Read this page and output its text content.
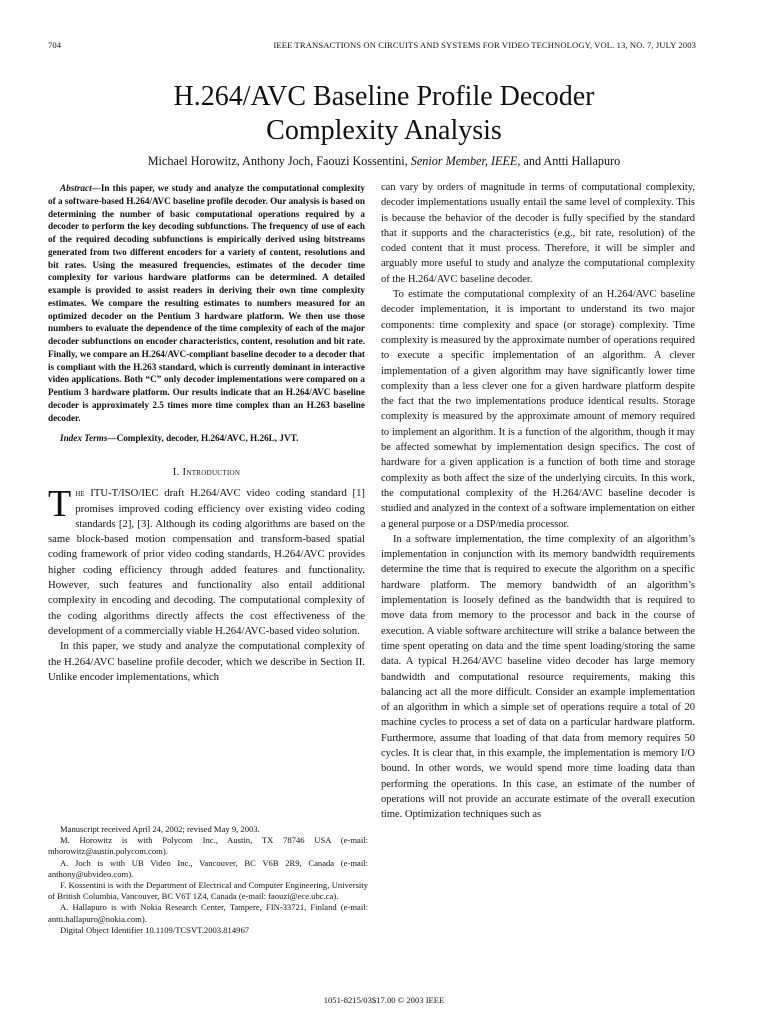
704	IEEE TRANSACTIONS ON CIRCUITS AND SYSTEMS FOR VIDEO TECHNOLOGY, VOL. 13, NO. 7, JULY 2003
H.264/AVC Baseline Profile Decoder
Complexity Analysis
Michael Horowitz, Anthony Joch, Faouzi Kossentini, Senior Member, IEEE, and Antti Hallapuro

Abstract—In this paper, we study and analyze the computational complexity of a software-based H.264/AVC baseline profile decoder. Our analysis is based on determining the number of basic computational operations required by a decoder to perform the key decoding subfunctions. The frequency of use of each of the required decoding subfunctions is empirically derived using bitstreams generated from two different encoders for a variety of content, resolutions and bit rates. Using the measured frequencies, estimates of the decoder time complexity for various hardware platforms can be determined. A detailed example is provided to assist readers in deriving their own time complexity estimates. We compare the resulting estimates to numbers measured for an optimized decoder on the Pentium 3 hardware platform. We then use those numbers to evaluate the dependence of the time complexity of each of the major decoder subfunctions on encoder characteristics, content, resolution and bit rate. Finally, we compare an H.264/AVC-compliant baseline decoder to a decoder that is compliant with the H.263 standard, which is currently dominant in interactive video applications. Both “C” only decoder implementations were compared on a Pentium 3 hardware platform. Our results indicate that an H.264/AVC baseline decoder is approximately 2.5 times more time complex than an H.263 baseline decoder.

Index Terms—Complexity, decoder, H.264/AVC, H.26L, JVT.

I. Introduction

The ITU-T/ISO/IEC draft H.264/AVC video coding standard [1] promises improved coding efficiency over existing video coding standards [2], [3]. Although its coding algorithms are based on the same block-based motion compensation and transform-based spatial coding framework of prior video coding standards, H.264/AVC provides higher coding efficiency through added features and functionality. However, such features and functionality also entail additional complexity in encoding and decoding. The computational complexity of the coding algorithms directly affects the cost effectiveness of the development of a commercially viable H.264/AVC-based video solution.

In this paper, we study and analyze the computational complexity of the H.264/AVC baseline profile decoder, which we describe in Section II. Unlike encoder implementations, which

Manuscript received April 24, 2002; revised May 9, 2003.

M. Horowitz is with Polycom Inc., Austin, TX 78746 USA (e-mail: mhorowitz@austin.polycom.com).

A. Joch is with UB Video Inc., Vancouver, BC V6B 2R9, Canada (e-mail: anthony@ubvideo.com).

F. Kossentini is with the Department of Electrical and Computer Engineering, University of British Columbia, Vancouver, BC V6T 1Z4, Canada (e-mail: faouzi@ece.ubc.ca).

A. Hallapuro is with Nokia Research Center, Tampere, FIN-33721, Finland (e-mail: antti.hallapuro@nokia.com).

Digital Object Identifier 10.1109/TCSVT.2003.814967

can vary by orders of magnitude in terms of computational complexity, decoder implementations usually entail the same level of complexity. This is because the behavior of the decoder is fully specified by the standard that it supports and the characteristics (e.g., bit rate, resolution) of the coded content that it must process. Therefore, it will be simpler and arguably more useful to study and analyze the computational complexity of the H.264/AVC baseline decoder.

To estimate the computational complexity of an H.264/AVC baseline decoder implementation, it is important to understand its two major components: time complexity and space (or storage) complexity. Time complexity is measured by the approximate number of operations required to execute a specific implementation of an algorithm. A clever implementation of a given algorithm may have significantly lower time complexity than a less clever one for a given hardware platform despite the fact that the two implementations produce identical results. Storage complexity is measured by the approximate amount of memory required to implement an algorithm. It is a function of the algorithm, though it may be affected somewhat by implementation design specifics. The cost of hardware for a given application is a function of both time and storage complexity as both affect the size of the underlying circuits. In this work, the computational complexity of the H.264/AVC baseline decoder is studied and analyzed in the context of a software implementation on either a general purpose or a DSP/media processor.

In a software implementation, the time complexity of an algorithm’s implementation in conjunction with its memory bandwidth requirements determine the time that is required to execute the algorithm on a specific hardware platform. The memory bandwidth of an algorithm’s implementation is loosely defined as the bandwidth that is required to move data from memory to the processor and back in the course of execution. A viable software architecture will strike a balance between the time spent operating on data and the time spent loading/storing the same data. A typical H.264/AVC baseline video decoder has large memory bandwidth and computational resource requirements, making this balancing act all the more difficult. Consider an example implementation of an algorithm in which a simple set of operations require a total of 20 machine cycles to process a set of data on a particular hardware platform. Furthermore, assume that loading of that data from memory requires 50 cycles. It is clear that, in this example, the implementation is memory I/O bound. In other words, we would spend more time loading data than performing the operations. In this case, an estimate of the number of operations will not provide an accurate estimate of the overall execution time. Optimization techniques such as

1051-8215/03$17.00 © 2003 IEEE
